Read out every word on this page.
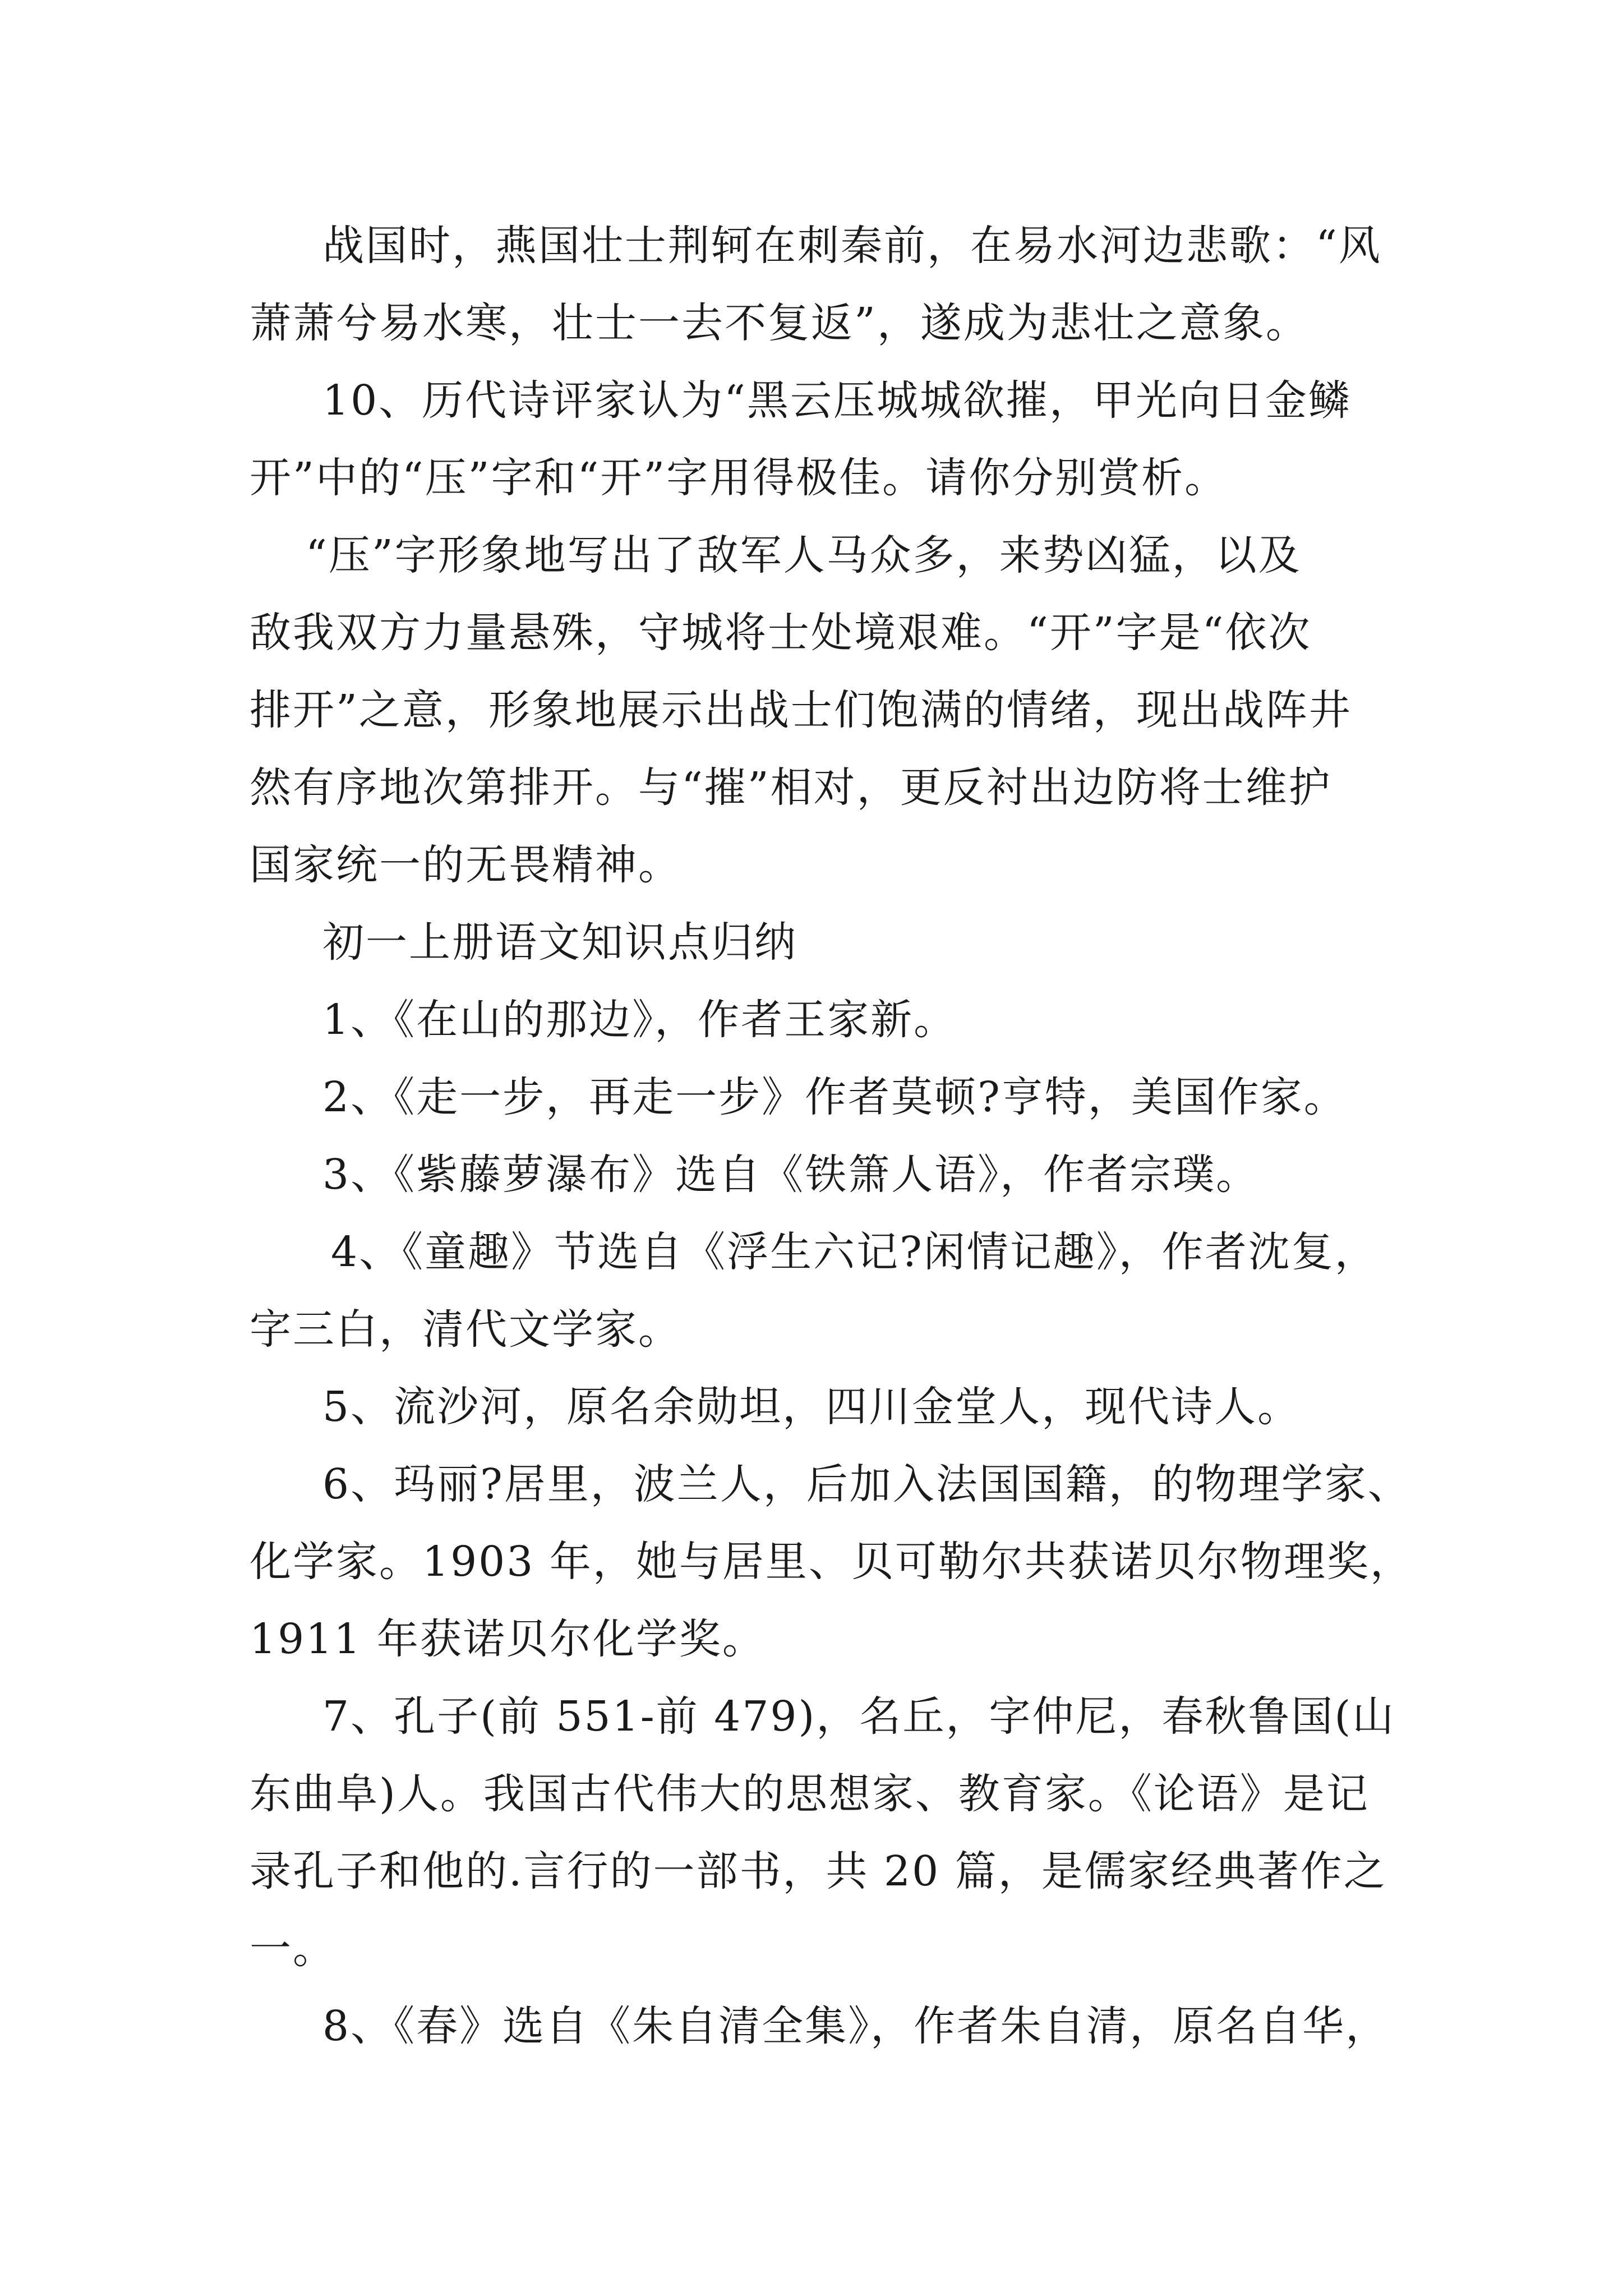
战国时，燕国壮士荆轲在刺秦前，在易水河边悲歌：“风
萧萧兮易水寒，壮士一去不复返”，遂成为悲壮之意象。
10、历代诗评家认为“黑云压城城欲摧，甲光向日金鳞
开”中的“压”字和“开”字用得极佳。请你分别赏析。
“压”字形象地写出了敌军人马众多，来势凶猛，以及
敌我双方力量悬殊，守城将士处境艰难。“开”字是“依次
排开”之意，形象地展示出战士们饱满的情绪，现出战阵井
然有序地次第排开。与“摧”相对，更反衬出边防将士维护
国家统一的无畏精神。
初一上册语文知识点归纳
1、《在山的那边》，作者王家新。
2、《走一步，再走一步》作者莫顿?亨特，美国作家。
3、《紫藤萝瀑布》选自《铁箫人语》，作者宗璞。
4、《童趣》节选自《浮生六记?闲情记趣》，作者沈复，
字三白，清代文学家。
5、流沙河，原名余勋坦，四川金堂人，现代诗人。
6、玛丽?居里，波兰人，后加入法国国籍，的物理学家、
化学家。1903 年，她与居里、贝可勒尔共获诺贝尔物理奖，
1911 年获诺贝尔化学奖。
7、孔子(前 551-前 479)，名丘，字仲尼，春秋鲁国(山
东曲阜)人。我国古代伟大的思想家、教育家。《论语》是记
录孔子和他的.言行的一部书，共 20 篇，是儒家经典著作之
一。
8、《春》选自《朱自清全集》，作者朱自清，原名自华，
